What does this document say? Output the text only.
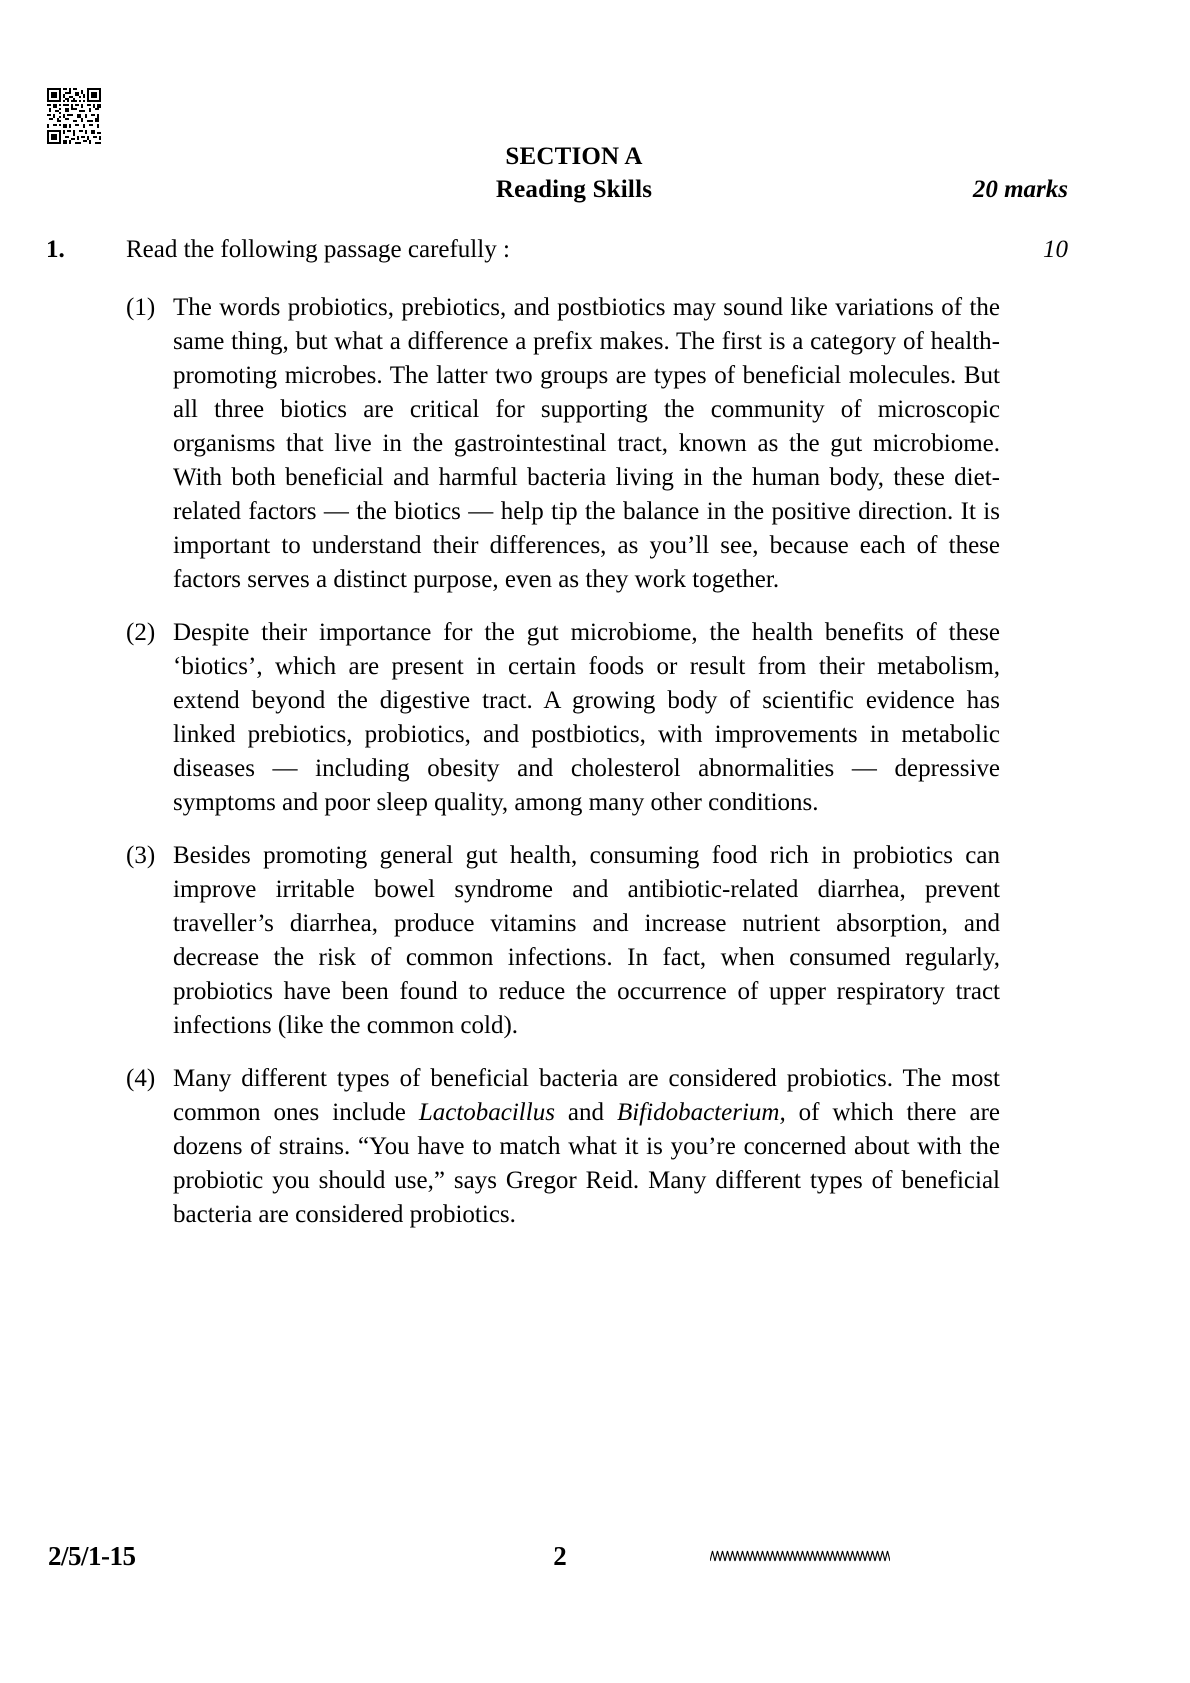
SECTION A
Reading Skills	20 marks
1. Read the following passage carefully :	10
(1) The words probiotics, prebiotics, and postbiotics may sound like variations of the same thing, but what a difference a prefix makes. The first is a category of health-promoting microbes. The latter two groups are types of beneficial molecules. But all three biotics are critical for supporting the community of microscopic organisms that live in the gastrointestinal tract, known as the gut microbiome. With both beneficial and harmful bacteria living in the human body, these diet-related factors — the biotics — help tip the balance in the positive direction. It is important to understand their differences, as you’ll see, because each of these factors serves a distinct purpose, even as they work together.
(2) Despite their importance for the gut microbiome, the health benefits of these ‘biotics’, which are present in certain foods or result from their metabolism, extend beyond the digestive tract. A growing body of scientific evidence has linked prebiotics, probiotics, and postbiotics, with improvements in metabolic diseases — including obesity and cholesterol abnormalities — depressive symptoms and poor sleep quality, among many other conditions.
(3) Besides promoting general gut health, consuming food rich in probiotics can improve irritable bowel syndrome and antibiotic-related diarrhea, prevent traveller’s diarrhea, produce vitamins and increase nutrient absorption, and decrease the risk of common infections. In fact, when consumed regularly, probiotics have been found to reduce the occurrence of upper respiratory tract infections (like the common cold).
(4) Many different types of beneficial bacteria are considered probiotics. The most common ones include Lactobacillus and Bifidobacterium, of which there are dozens of strains. “You have to match what it is you’re concerned about with the probiotic you should use,” says Gregor Reid. Many different types of beneficial bacteria are considered probiotics.
2/5/1-15	2
